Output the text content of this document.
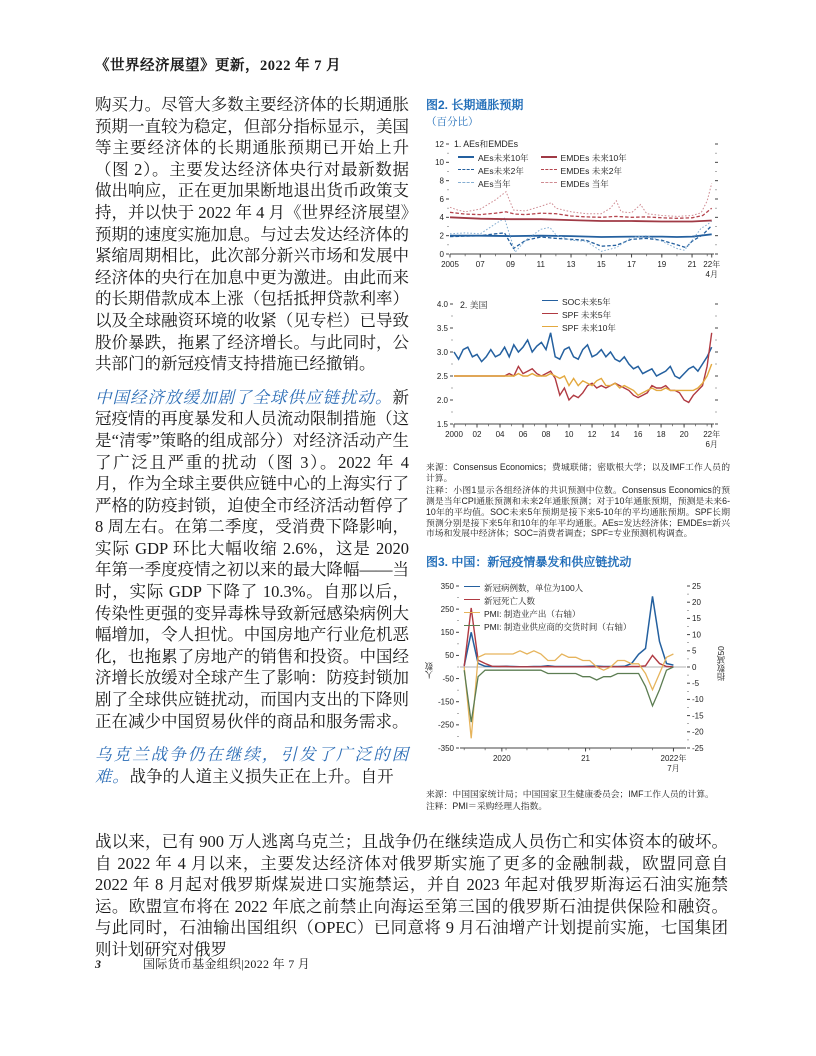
《世界经济展望》更新，2022 年 7 月

购买力。尽管大多数主要经济体的长期通胀预期一直较为稳定，但部分指标显示，美国等主要经济体的长期通胀预期已开始上升（图 2）。主要发达经济体央行对最新数据做出响应，正在更加果断地退出货币政策支持，并以快于 2022 年 4 月《世界经济展望》预期的速度实施加息。与过去发达经济体的紧缩周期相比，此次部分新兴市场和发展中经济体的央行在加息中更为激进。由此而来的长期借款成本上涨（包括抵押贷款利率）以及全球融资环境的收紧（见专栏）已导致股价暴跌，拖累了经济增长。与此同时，公共部门的新冠疫情支持措施已经撤销。

中国经济放缓加剧了全球供应链扰动。新冠疫情的再度暴发和人员流动限制措施（这是“清零”策略的组成部分）对经济活动产生了广泛且严重的扰动（图 3）。2022 年 4 月，作为全球主要供应链中心的上海实行了严格的防疫封锁，迫使全市经济活动暂停了 8 周左右。在第二季度，受消费下降影响，实际 GDP 环比大幅收缩 2.6%，这是 2020 年第一季度疫情之初以来的最大降幅——当时，实际 GDP 下降了 10.3%。自那以后，传染性更强的变异毒株导致新冠感染病例大幅增加，令人担忧。中国房地产行业危机恶化，也拖累了房地产的销售和投资。中国经济增长放缓对全球产生了影响：防疫封锁加剧了全球供应链扰动，而国内支出的下降则正在减少中国贸易伙伴的商品和服务需求。

乌克兰战争仍在继续，引发了广泛的困难。战争的人道主义损失正在上升。自开

图2. 长期通胀预期
（百分比）
2005 07	09	11	13	15	17	19	21 22年
4月
0
2
4
6
8
10
12 1. AEs和EMDEs
AEs未来10年
AEs未来2年
AEs当年
EMDEs 未来10年
EMDEs 未来2年
EMDEs 当年
2000 02 04 06 08 10 12 14 16 18 20 22年
6月
1.5
2.0
2.5
3.0
3.5
4.0 2. 美国	SOC未来5年
SPF 未来5年
SPF 未来10年
来源：Consensus Economics；费城联储；密歇根大学；以及IMF工作人员的计算。
注释：小图1显示各组经济体的共识预测中位数。Consensus Economics的预测是当年CPI通胀预测和未来2年通胀预测；对于10年通胀预期，预测是未来6-10年的平均值。SOC未来5年预期是接下来5-10年的平均通胀预期。SPF长期预测分别是接下来5年和10年的年平均通胀。AEs=发达经济体；EMDEs=新兴市场和发展中经济体；SOC=消费者调查；SPF=专业预测机构调查。
图3. 中国：新冠疫情暴发和供应链扰动
2020	21	2022年
7月
350
250
150
50
-50
-150
-250
-350
25
20
15
10
5
0
-5
-10
-15
-20
-25
新冠病例数，单位为100人
新冠死亡人数
PMI: 制造业产出（右轴）
PMI: 制造业供应商的交货时间（右轴）
人数	指数减50
来源：中国国家统计局；中国国家卫生健康委员会；IMF工作人员的计算。
注释：PMI＝采购经理人指数。
战以来，已有 900 万人逃离乌克兰；且战争仍在继续造成人员伤亡和实体资本的破坏。自 2022 年 4 月以来，主要发达经济体对俄罗斯实施了更多的金融制裁，欧盟同意自 2022 年 8 月起对俄罗斯煤炭进口实施禁运，并自 2023 年起对俄罗斯海运石油实施禁运。欧盟宣布将在 2022 年底之前禁止向海运至第三国的俄罗斯石油提供保险和融资。与此同时，石油输出国组织（OPEC）已同意将 9 月石油增产计划提前实施，七国集团则计划研究对俄罗
3	国际货币基金组织|2022 年 7 月
